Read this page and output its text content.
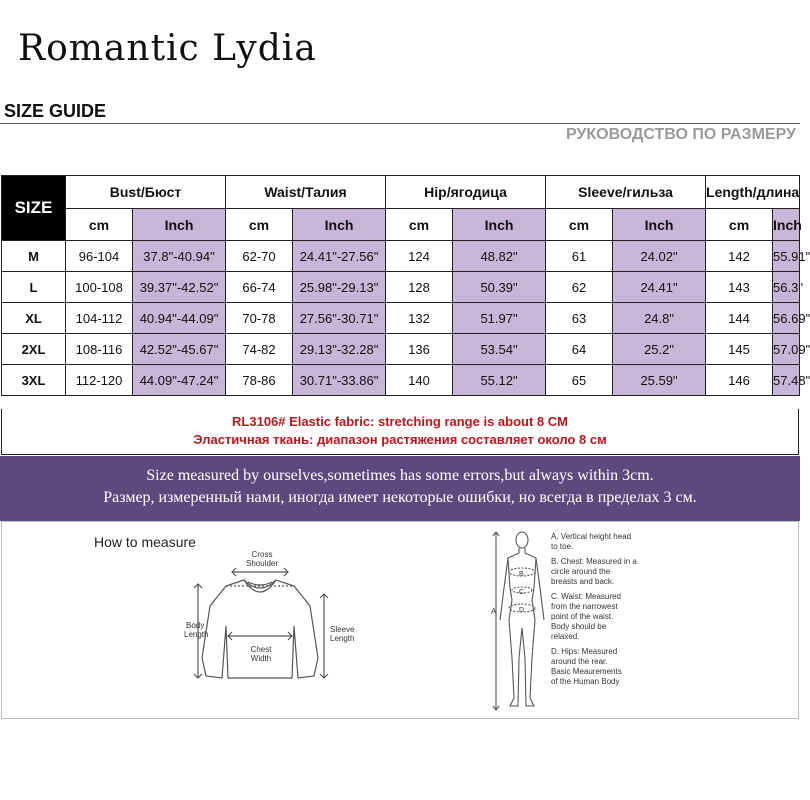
Romantic Lydia
SIZE GUIDE
РУКОВОДСТВО ПО РАЗМЕРУ
SIZE	Bust/Бюст		Waist/Талия		Hip/ягодица		Sleeve/гильза		Length/длина	
	cm	Inch	cm	Inch	cm	Inch	cm	Inch	cm	Inch
M	96-104	37.8"-40.94"	62-70	24.41"-27.56"	124	48.82"	61	24.02"	142	55.91"
L	100-108	39.37"-42.52"	66-74	25.98"-29.13"	128	50.39"	62	24.41"	143	56.3"
XL	104-112	40.94"-44.09"	70-78	27.56"-30.71"	132	51.97"	63	24.8"	144	56.69"
2XL	108-116	42.52"-45.67"	74-82	29.13"-32.28"	136	53.54"	64	25.2"	145	57.09"
3XL	112-120	44.09"-47.24"	78-86	30.71"-33.86"	140	55.12"	65	25.59"	146	57.48"
RL3106# Elastic fabric: stretching range is about 8 CM
Эластичная ткань: диапазон растяжения составляет около 8 см
Size measured by ourselves,sometimes has some errors,but always within 3cm.
Размер, измеренный нами, иногда имеет некоторые ошибки, но всегда в пределах 3 см.
How to measure
Cross
Shoulder
Body
Length
Chest
Width
Sleeve
Length
A
B
C
D
A. Vertical height head
to toe.
B. Chest: Measured in a
circle around the
breasts and back.
C. Waist: Measured
from the narrowest
point of the waist.
Body should be
relaxed.
D. Hips: Measured
around the rear.
Basic Meaurements
of the Human Body
